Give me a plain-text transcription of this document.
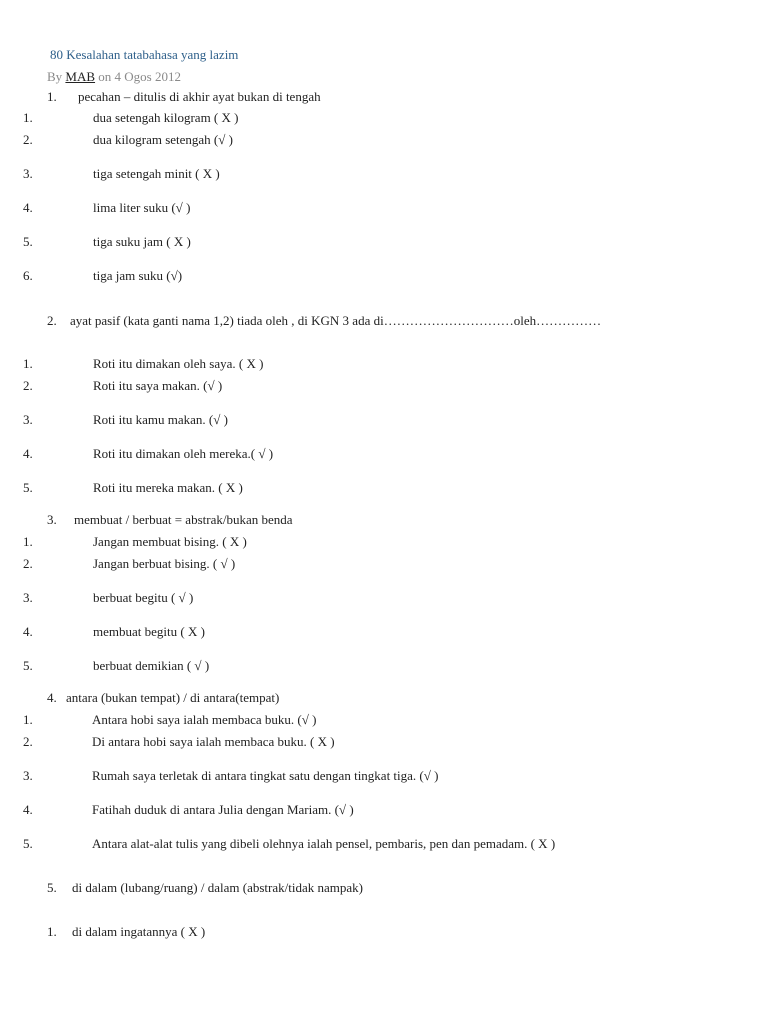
80 Kesalahan tatabahasa yang lazim
By MAB on 4 Ogos 2012
1. pecahan – ditulis di akhir ayat bukan di tengah
1.	dua setengah kilogram ( X )
2.	dua kilogram setengah (√ )
3.	tiga setengah minit ( X )
4.	lima liter suku (√ )
5.	tiga suku jam ( X )
6.	tiga jam suku (√)
2. ayat pasif (kata ganti nama 1,2) tiada oleh , di KGN 3 ada di…………………………oleh……………
1.	Roti itu dimakan oleh saya. ( X )
2.	Roti itu saya makan. (√ )
3.	Roti itu kamu makan. (√ )
4.	Roti itu dimakan oleh mereka.( √ )
5.	Roti itu mereka makan. ( X )
3. membuat / berbuat = abstrak/bukan benda
1.	Jangan membuat bising. ( X )
2.	Jangan berbuat bising. ( √ )
3.	berbuat begitu ( √ )
4.	membuat begitu ( X )
5.	berbuat demikian ( √ )
4. antara (bukan tempat) / di antara(tempat)
1.	Antara hobi saya ialah membaca buku. (√ )
2.	Di antara hobi saya ialah membaca buku. ( X )
3.	Rumah saya terletak di antara tingkat satu dengan tingkat tiga. (√ )
4.	Fatihah duduk di antara Julia dengan Mariam. (√ )
5.	Antara alat-alat tulis yang dibeli olehnya ialah pensel, pembaris, pen dan pemadam. ( X )
5. di dalam (lubang/ruang) / dalam (abstrak/tidak nampak)
1. di dalam ingatannya ( X )
